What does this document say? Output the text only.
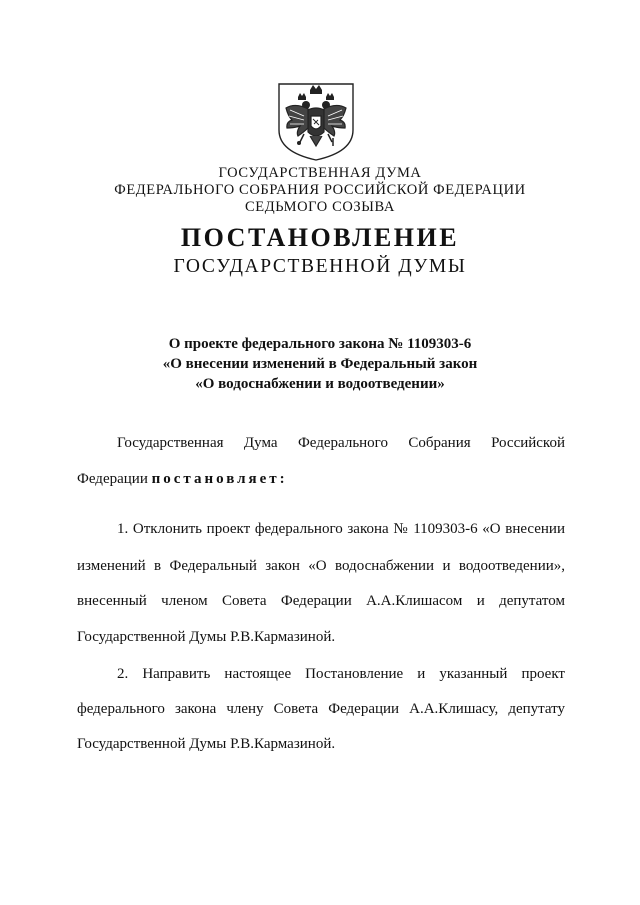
ГОСУДАРСТВЕННАЯ ДУМА
ФЕДЕРАЛЬНОГО СОБРАНИЯ РОССИЙСКОЙ ФЕДЕРАЦИИ
СЕДЬМОГО СОЗЫВА
ПОСТАНОВЛЕНИЕ
ГОСУДАРСТВЕННОЙ ДУМЫ
О проекте федерального закона № 1109303-6
«О внесении изменений в Федеральный закон
«О водоснабжении и водоотведении»
Государственная Дума Федерального Собрания Российской
Федерации постановляет:
1. Отклонить проект федерального закона № 1109303-6 «О внесении
изменений в Федеральный закон «О водоснабжении и водоотведении»,
внесенный членом Совета Федерации А.А.Клишасом и депутатом
Государственной Думы Р.В.Кармазиной.
2. Направить настоящее Постановление и указанный проект
федерального закона члену Совета Федерации А.А.Клишасу, депутату
Государственной Думы Р.В.Кармазиной.
